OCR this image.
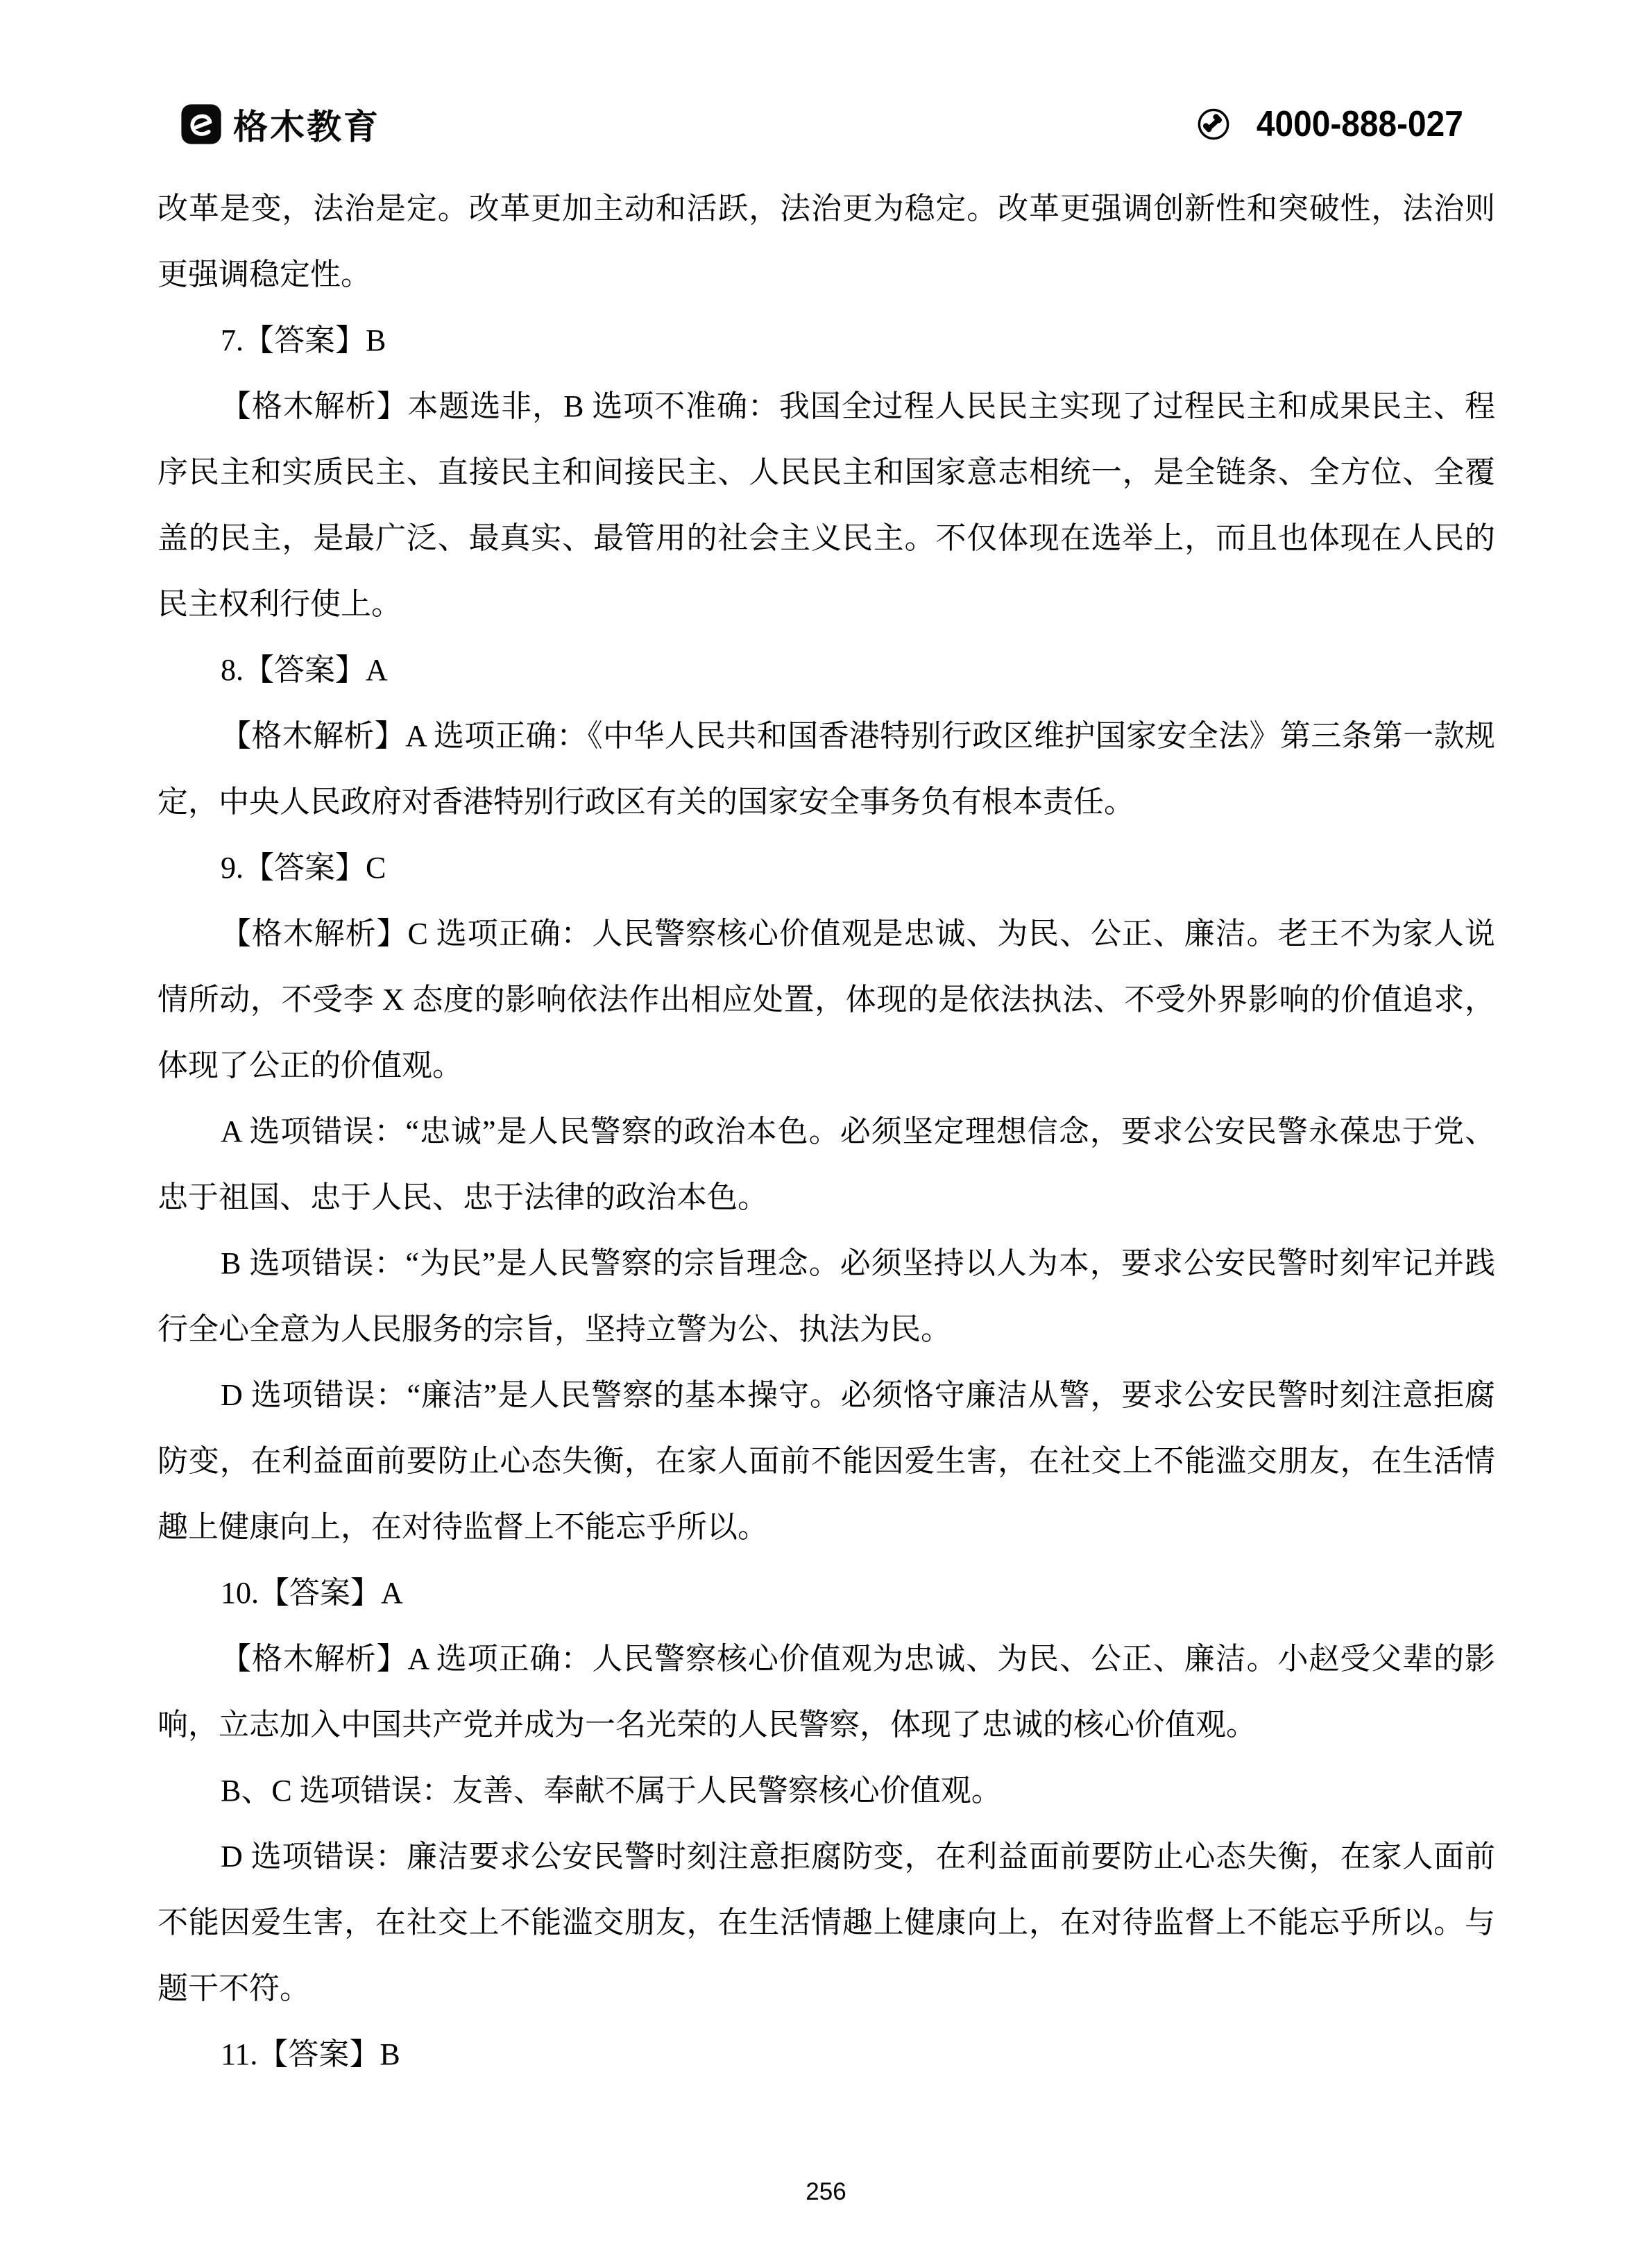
格木教育	4000-888-027

改革是变，法治是定。改革更加主动和活跃，法治更为稳定。改革更强调创新性和突破性，法治则更强调稳定性。

7.【答案】B

【格木解析】本题选非，B 选项不准确：我国全过程人民民主实现了过程民主和成果民主、程序民主和实质民主、直接民主和间接民主、人民民主和国家意志相统一，是全链条、全方位、全覆盖的民主，是最广泛、最真实、最管用的社会主义民主。不仅体现在选举上，而且也体现在人民的民主权利行使上。

8.【答案】A

【格木解析】A 选项正确：《中华人民共和国香港特别行政区维护国家安全法》第三条第一款规定，中央人民政府对香港特别行政区有关的国家安全事务负有根本责任。

9.【答案】C

【格木解析】C 选项正确：人民警察核心价值观是忠诚、为民、公正、廉洁。老王不为家人说情所动，不受李 X 态度的影响依法作出相应处置，体现的是依法执法、不受外界影响的价值追求，体现了公正的价值观。

A 选项错误：“忠诚”是人民警察的政治本色。必须坚定理想信念，要求公安民警永葆忠于党、忠于祖国、忠于人民、忠于法律的政治本色。

B 选项错误：“为民”是人民警察的宗旨理念。必须坚持以人为本，要求公安民警时刻牢记并践行全心全意为人民服务的宗旨，坚持立警为公、执法为民。

D 选项错误：“廉洁”是人民警察的基本操守。必须恪守廉洁从警，要求公安民警时刻注意拒腐防变，在利益面前要防止心态失衡，在家人面前不能因爱生害，在社交上不能滥交朋友，在生活情趣上健康向上，在对待监督上不能忘乎所以。

10.【答案】A

【格木解析】A 选项正确：人民警察核心价值观为忠诚、为民、公正、廉洁。小赵受父辈的影响，立志加入中国共产党并成为一名光荣的人民警察，体现了忠诚的核心价值观。

B、C 选项错误：友善、奉献不属于人民警察核心价值观。

D 选项错误：廉洁要求公安民警时刻注意拒腐防变，在利益面前要防止心态失衡，在家人面前不能因爱生害，在社交上不能滥交朋友，在生活情趣上健康向上，在对待监督上不能忘乎所以。与题干不符。

11.【答案】B

256
